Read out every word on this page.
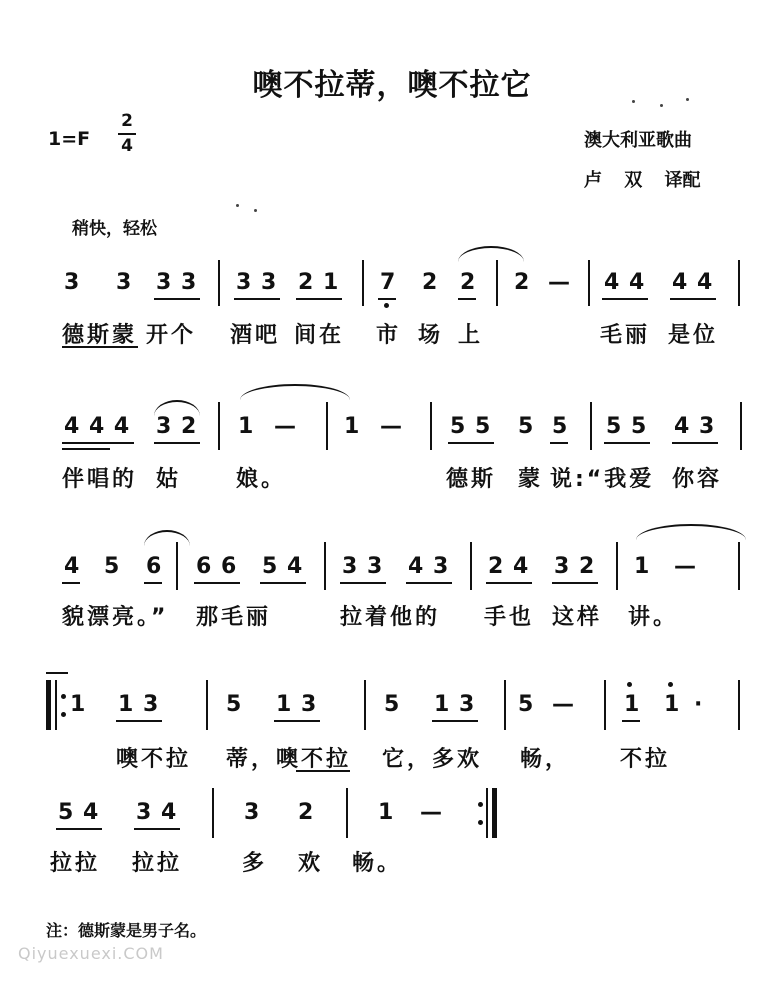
噢不拉蒂，噢不拉它
1=F
2
4	澳大利亚歌曲
卢 双 译配
稍快，轻松
3 3 3 3 3 3 2 1 7 2 2 2 — 4 4 4 4
德斯蒙 开个 酒吧 间在 市 场 上	毛丽 是位
4 4 4 3 2 1 — 1 — 5 5 5 5 5 5 4 3
伴唱的 姑 娘。	德斯 蒙 说:“我爱 你容
4 5 6 6 6 5 4 3 3 4 3 2 4 3 2 1 —
貌漂亮。” 那毛丽	拉着他的 手也 这样 讲。
1 1 3	5 1 3	5 1 3 5 — 1 1 ·
噢不拉 蒂，噢不拉 它，多欢 畅， 不拉
5 4 3 4	3 2	1 —
拉拉 拉拉	多 欢 畅。
注：德斯蒙是男子名。
Qiyuexuexi.COM
